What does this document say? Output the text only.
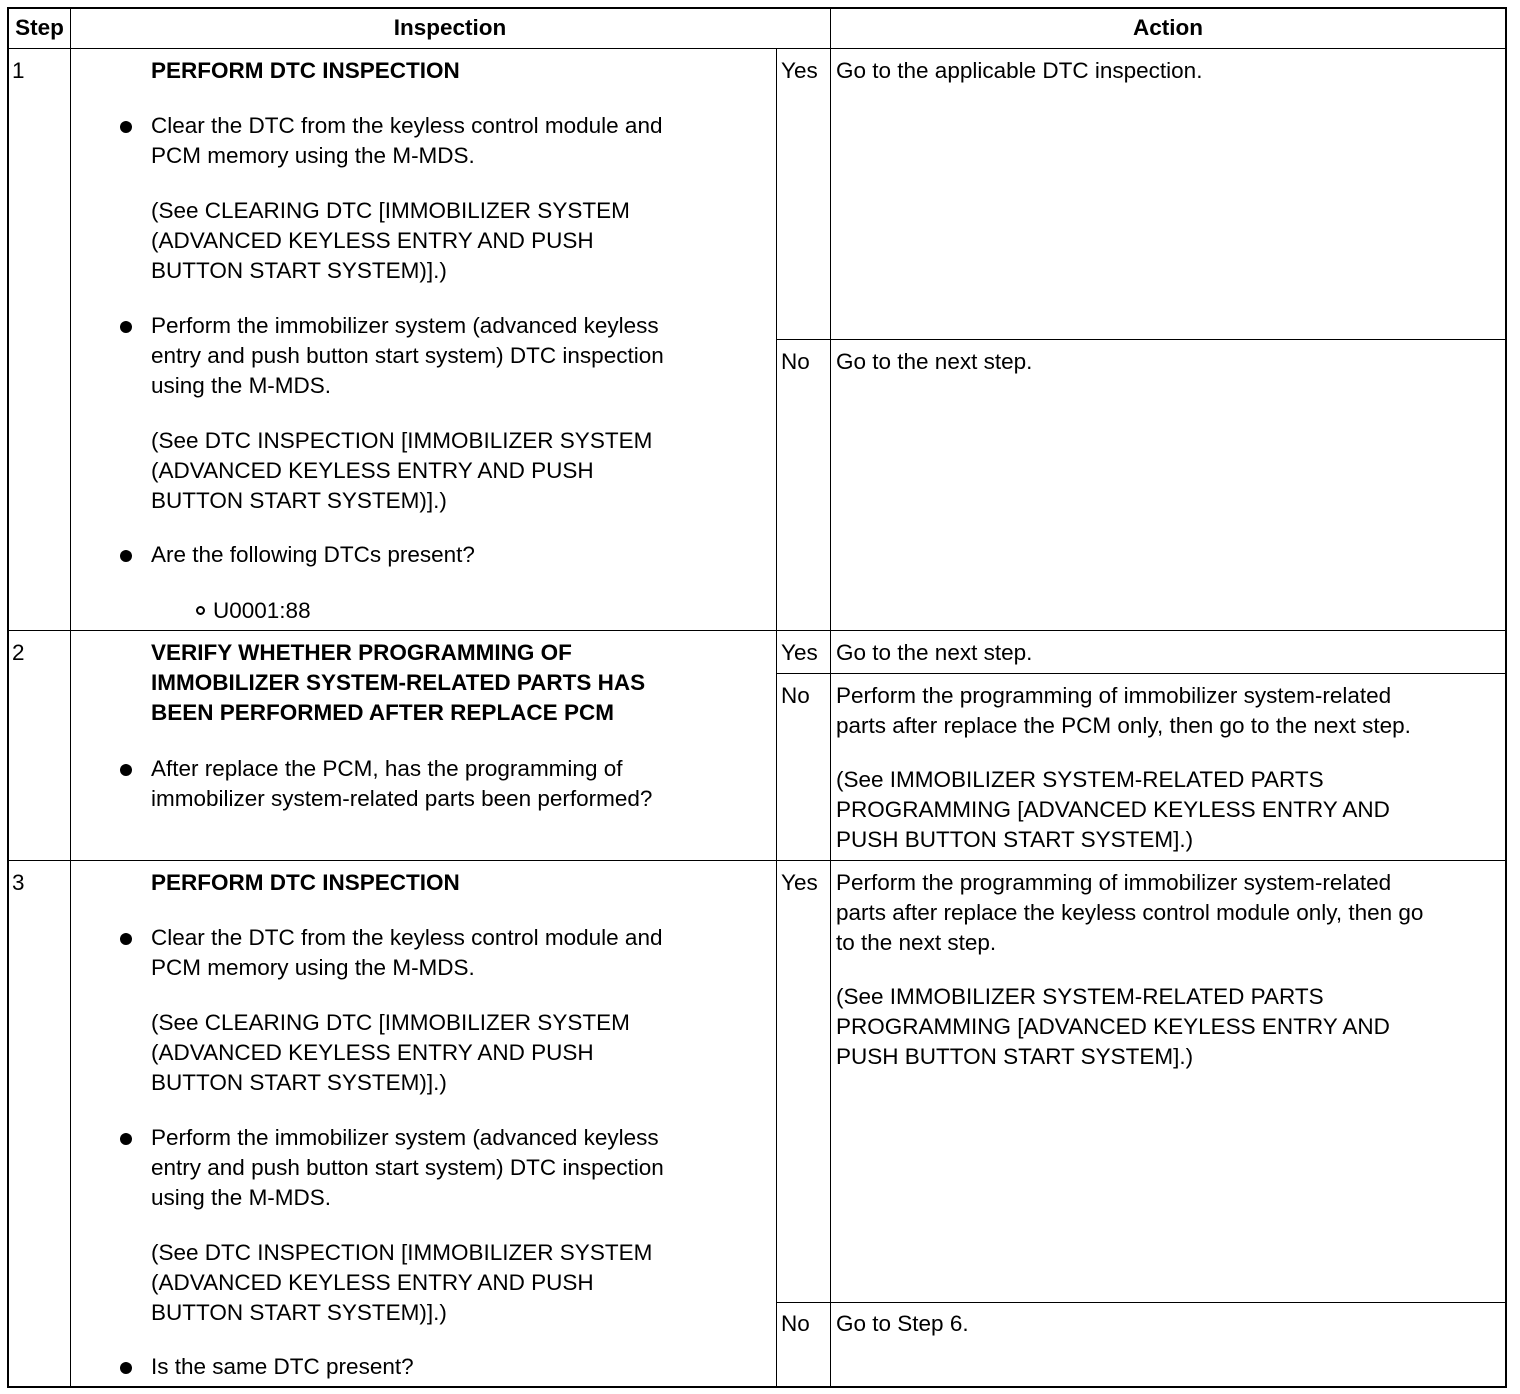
Step	Inspection	Action
1	PERFORM DTC INSPECTION
Clear the DTC from the keyless control module and
PCM memory using the M-MDS.
(See CLEARING DTC [IMMOBILIZER SYSTEM
(ADVANCED KEYLESS ENTRY AND PUSH
BUTTON START SYSTEM)].)
Perform the immobilizer system (advanced keyless
entry and push button start system) DTC inspection
using the M-MDS.
(See DTC INSPECTION [IMMOBILIZER SYSTEM
(ADVANCED KEYLESS ENTRY AND PUSH
BUTTON START SYSTEM)].)
Are the following DTCs present?
U0001:88
Yes Go to the applicable DTC inspection.
No Go to the next step.
2	VERIFY WHETHER PROGRAMMING OF
IMMOBILIZER SYSTEM-RELATED PARTS HAS
BEEN PERFORMED AFTER REPLACE PCM
After replace the PCM, has the programming of
immobilizer system-related parts been performed?
Yes Go to the next step.
No Perform the programming of immobilizer system-related
parts after replace the PCM only, then go to the next step.
(See IMMOBILIZER SYSTEM-RELATED PARTS
PROGRAMMING [ADVANCED KEYLESS ENTRY AND
PUSH BUTTON START SYSTEM].)
3	PERFORM DTC INSPECTION
Clear the DTC from the keyless control module and
PCM memory using the M-MDS.
(See CLEARING DTC [IMMOBILIZER SYSTEM
(ADVANCED KEYLESS ENTRY AND PUSH
BUTTON START SYSTEM)].)
Perform the immobilizer system (advanced keyless
entry and push button start system) DTC inspection
using the M-MDS.
(See DTC INSPECTION [IMMOBILIZER SYSTEM
(ADVANCED KEYLESS ENTRY AND PUSH
BUTTON START SYSTEM)].)
Is the same DTC present?
Yes Perform the programming of immobilizer system-related
parts after replace the keyless control module only, then go
to the next step.
(See IMMOBILIZER SYSTEM-RELATED PARTS
PROGRAMMING [ADVANCED KEYLESS ENTRY AND
PUSH BUTTON START SYSTEM].)
No Go to Step 6.
